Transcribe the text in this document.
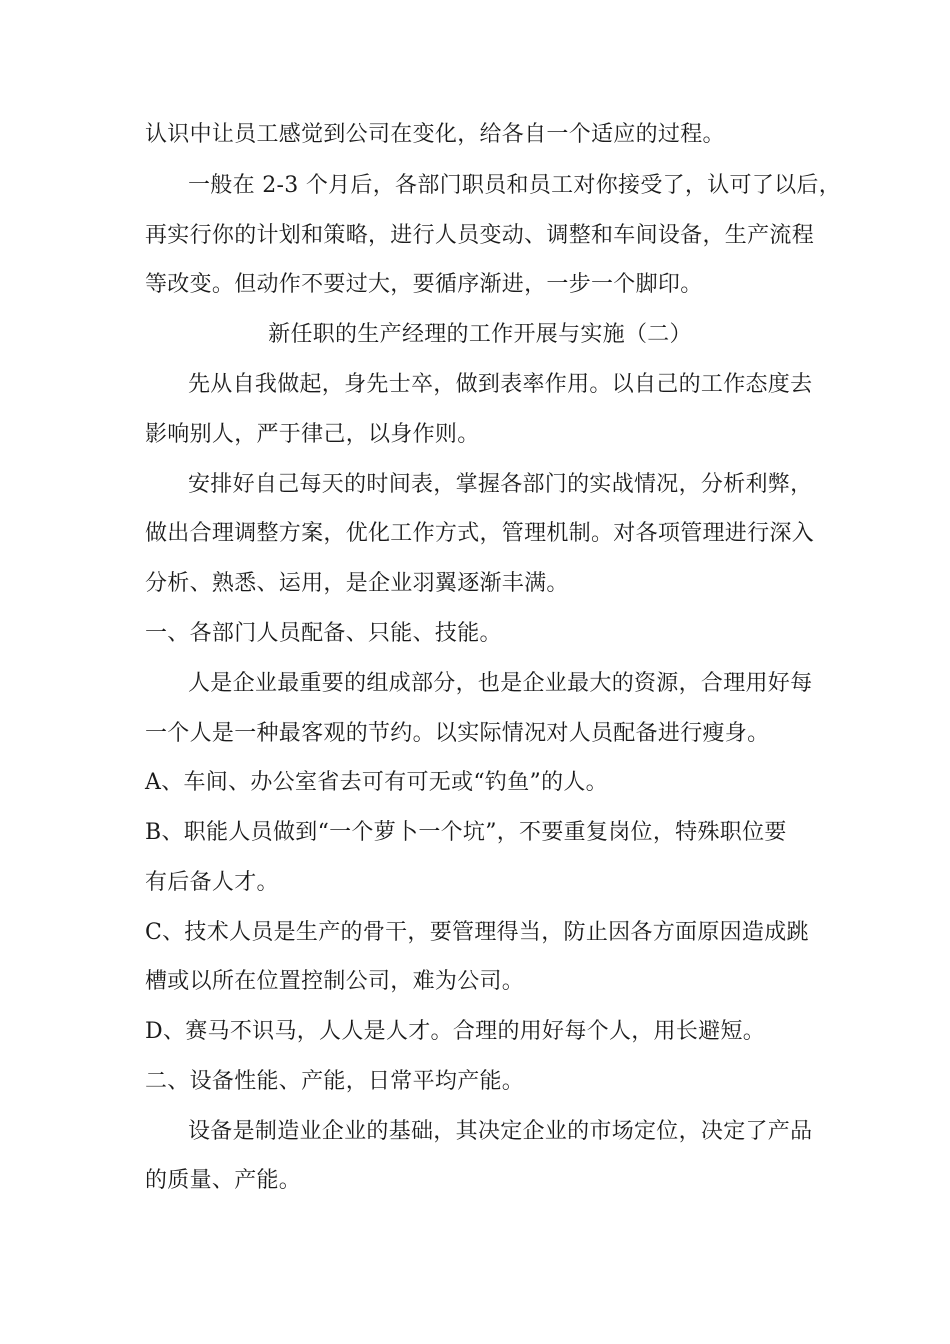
认识中让员工感觉到公司在变化，给各自一个适应的过程。
一般在 2-3 个月后，各部门职员和员工对你接受了，认可了以后，
再实行你的计划和策略，进行人员变动、调整和车间设备，生产流程
等改变。但动作不要过大，要循序渐进，一步一个脚印。
新任职的生产经理的工作开展与实施（二）
先从自我做起，身先士卒，做到表率作用。以自己的工作态度去
影响别人，严于律己，以身作则。
安排好自己每天的时间表，掌握各部门的实战情况，分析利弊，
做出合理调整方案，优化工作方式，管理机制。对各项管理进行深入
分析、熟悉、运用，是企业羽翼逐渐丰满。
一、各部门人员配备、只能、技能。
人是企业最重要的组成部分，也是企业最大的资源，合理用好每
一个人是一种最客观的节约。以实际情况对人员配备进行瘦身。
A、车间、办公室省去可有可无或“钓鱼”的人。
B、职能人员做到“一个萝卜一个坑”，不要重复岗位，特殊职位要
有后备人才。
C、技术人员是生产的骨干，要管理得当，防止因各方面原因造成跳
槽或以所在位置控制公司，难为公司。
D、赛马不识马，人人是人才。合理的用好每个人，用长避短。
二、设备性能、产能，日常平均产能。
设备是制造业企业的基础，其决定企业的市场定位，决定了产品
的质量、产能。
